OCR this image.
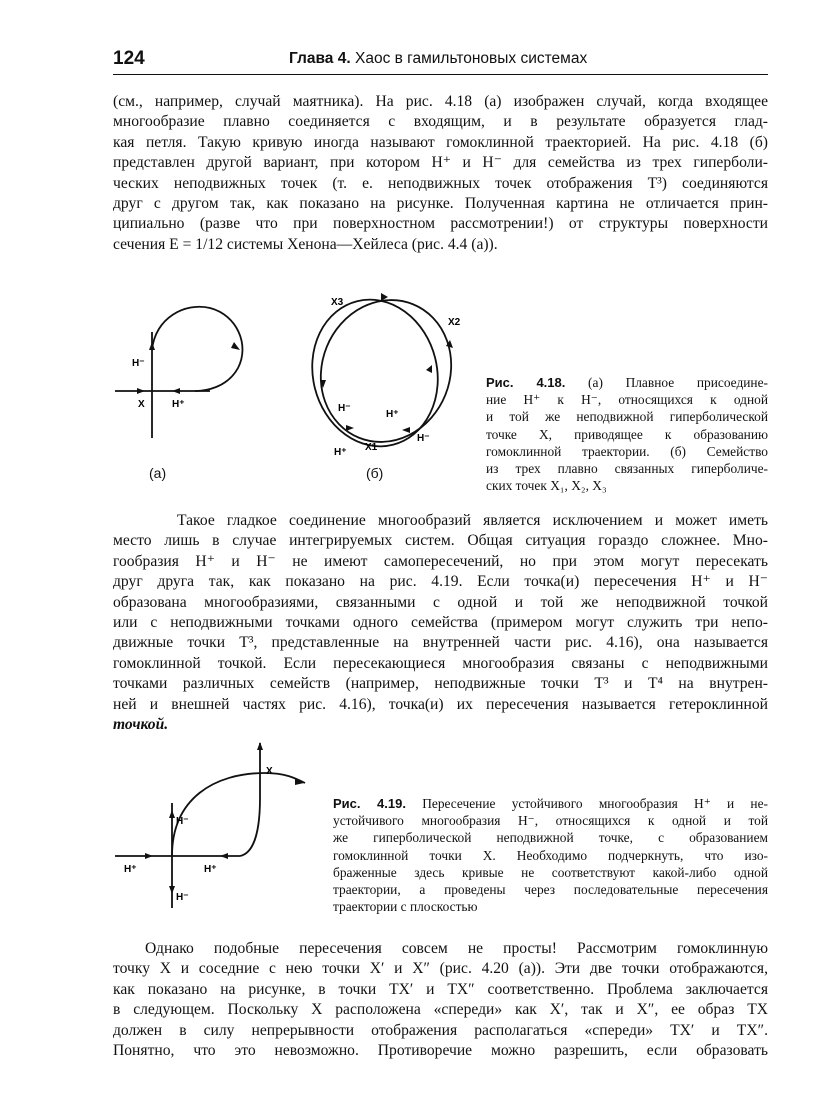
124	Глава 4. Хаос в гамильтоновых системах
(см., например, случай маятника). На рис. 4.18 (а) изображен случай, когда входящее
многообразие плавно соединяется с входящим, и в результате образуется глад-
кая петля. Такую кривую иногда называют гомоклинной траекторией. На рис. 4.18 (б)
представлен другой вариант, при котором H⁺ и H⁻ для семейства из трех гиперболи-
ческих неподвижных точек (т. е. неподвижных точек отображения T³) соединяются
друг с другом так, как показано на рисунке. Полученная картина не отличается прин-
ципиально (разве что при поверхностном рассмотрении!) от структуры поверхности
сечения E = 1/12 системы Хенона—Хейлеса (рис. 4.4 (а)).
H⁻
X	H⁺
(а)
X3
X2
X1
H⁻
H⁺
H⁻
H⁺
(б)
Рис. 4.18. (а) Плавное присоедине-
ние H⁺ к H⁻, относящихся к одной
и той же неподвижной гиперболической
точке X, приводящее к образованию
гомоклинной траектории. (б) Семейство
из трех плавно связанных гиперболиче-
ских точек X₁, X₂, X₃
Такое гладкое соединение многообразий является исключением и может иметь
место лишь в случае интегрируемых систем. Общая ситуация гораздо сложнее. Мно-
гообразия H⁺ и H⁻ не имеют самопересечений, но при этом могут пересекать
друг друга так, как показано на рис. 4.19. Если точка(и) пересечения H⁺ и H⁻
образована многообразиями, связанными с одной и той же неподвижной точкой
или с неподвижными точками одного семейства (примером могут служить три непо-
движные точки T³, представленные на внутренней части рис. 4.16), она называется
гомоклинной точкой. Если пересекающиеся многообразия связаны с неподвижными
точками различных семейств (например, неподвижные точки T³ и T⁴ на внутрен-
ней и внешней частях рис. 4.16), точка(и) их пересечения называется гетероклинной
точкой.
X
H⁻
H⁺	H⁺
H⁻
Рис. 4.19. Пересечение устойчивого многообразия H⁺ и не-
устойчивого многообразия H⁻, относящихся к одной и той
же гиперболической неподвижной точке, с образованием
гомоклинной точки X. Необходимо подчеркнуть, что изо-
браженные здесь кривые не соответствуют какой-либо одной
траектории, а проведены через последовательные пересечения
траектории с плоскостью
Однако подобные пересечения совсем не просты! Рассмотрим гомоклинную
точку X и соседние с нею точки X′ и X″ (рис. 4.20 (а)). Эти две точки отображаются,
как показано на рисунке, в точки TX′ и TX″ соответственно. Проблема заключается
в следующем. Поскольку X расположена «спереди» как X′, так и X″, ее образ TX
должен в силу непрерывности отображения располагаться «спереди» TX′ и TX″.
Понятно, что это невозможно. Противоречие можно разрешить, если образовать
